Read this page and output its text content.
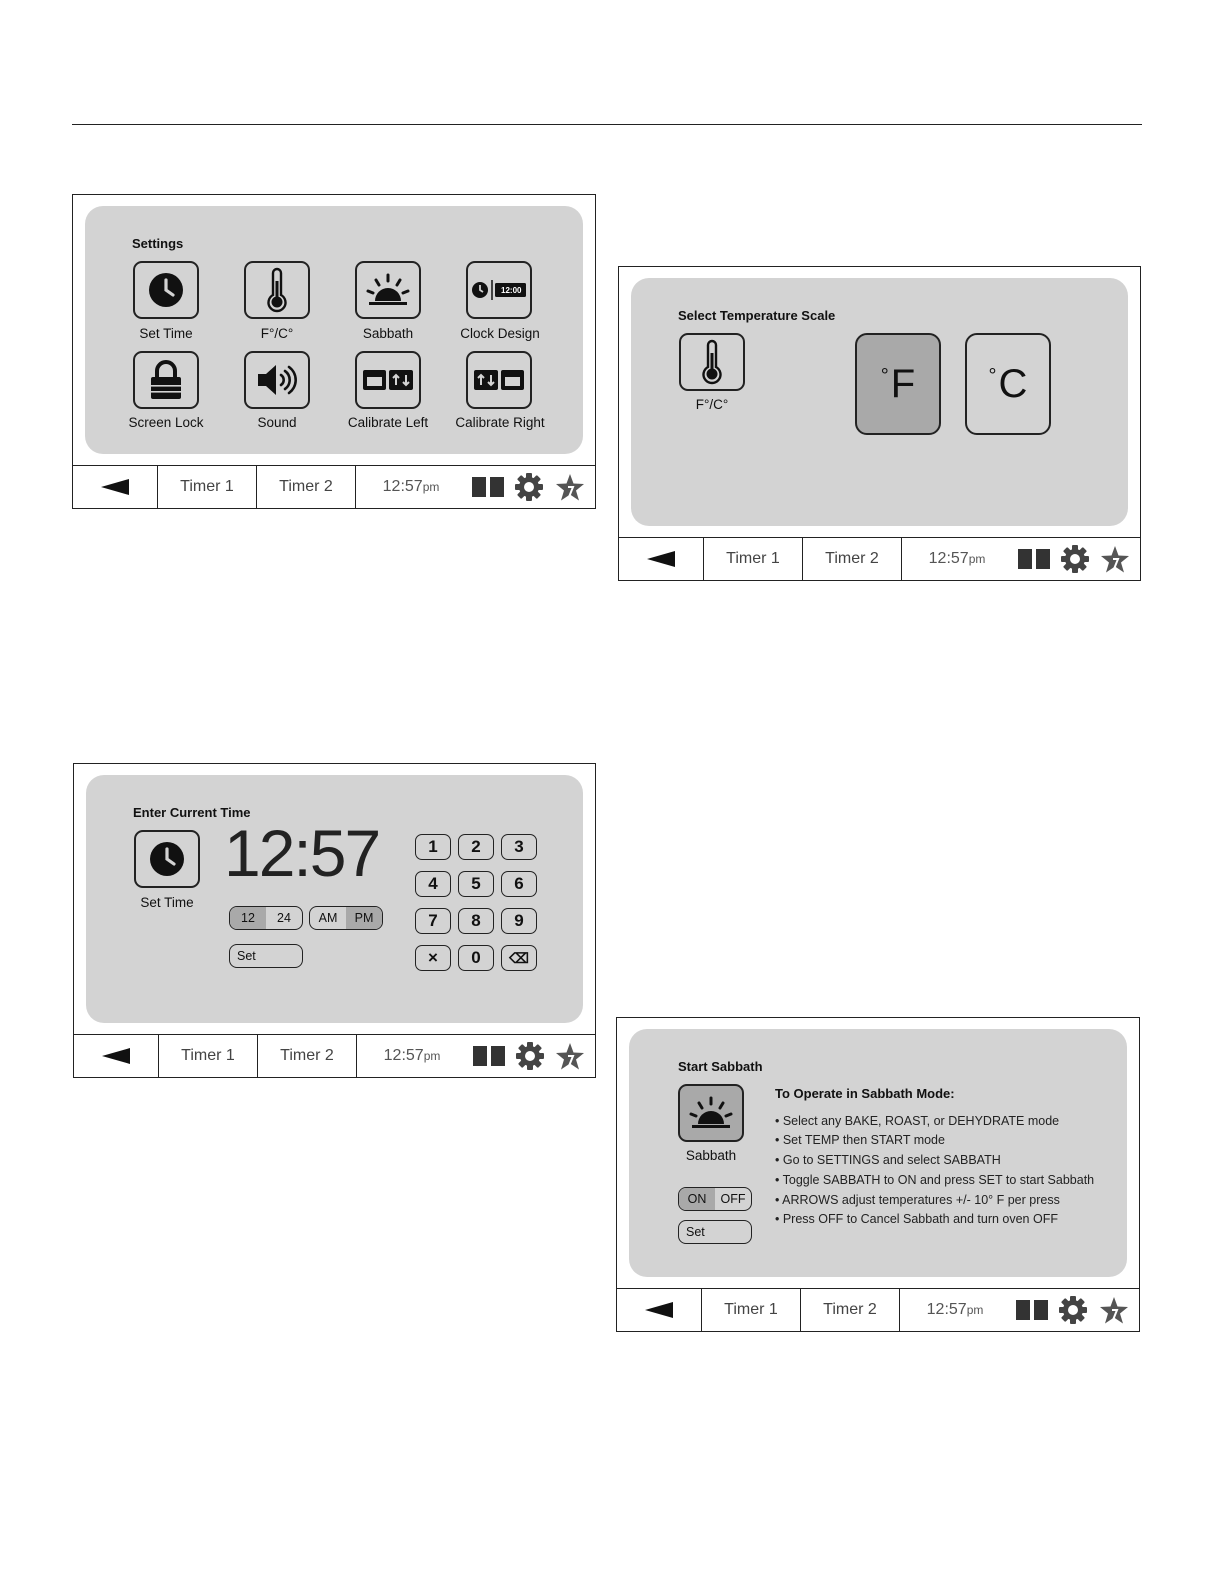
Settings
Set Time	F°/C°	Sabbath
12:00
Clock Design
Screen Lock	Sound	Calibrate Left	Calibrate Right
Timer 1	Timer 2	12:57 pm
Select Temperature Scale
F°/C°
° F	° C
Timer 1	Timer 2	12:57 pm
Enter Current Time
Set Time
12:57
12	24	AM	PM
Set
1	2	3
4	5	6
7	8	9
×	0	⌫
Timer 1	Timer 2	12:57 pm
Start Sabbath
Sabbath
ON	OFF
Set
To Operate in Sabbath Mode:
• Select any BAKE, ROAST, or DEHYDRATE mode
• Set TEMP then START mode
• Go to SETTINGS and select SABBATH
• Toggle SABBATH to ON and press SET to start Sabbath
• ARROWS adjust temperatures +/- 10° F per press
• Press OFF to Cancel Sabbath and turn oven OFF
Timer 1	Timer 2	12:57 pm
